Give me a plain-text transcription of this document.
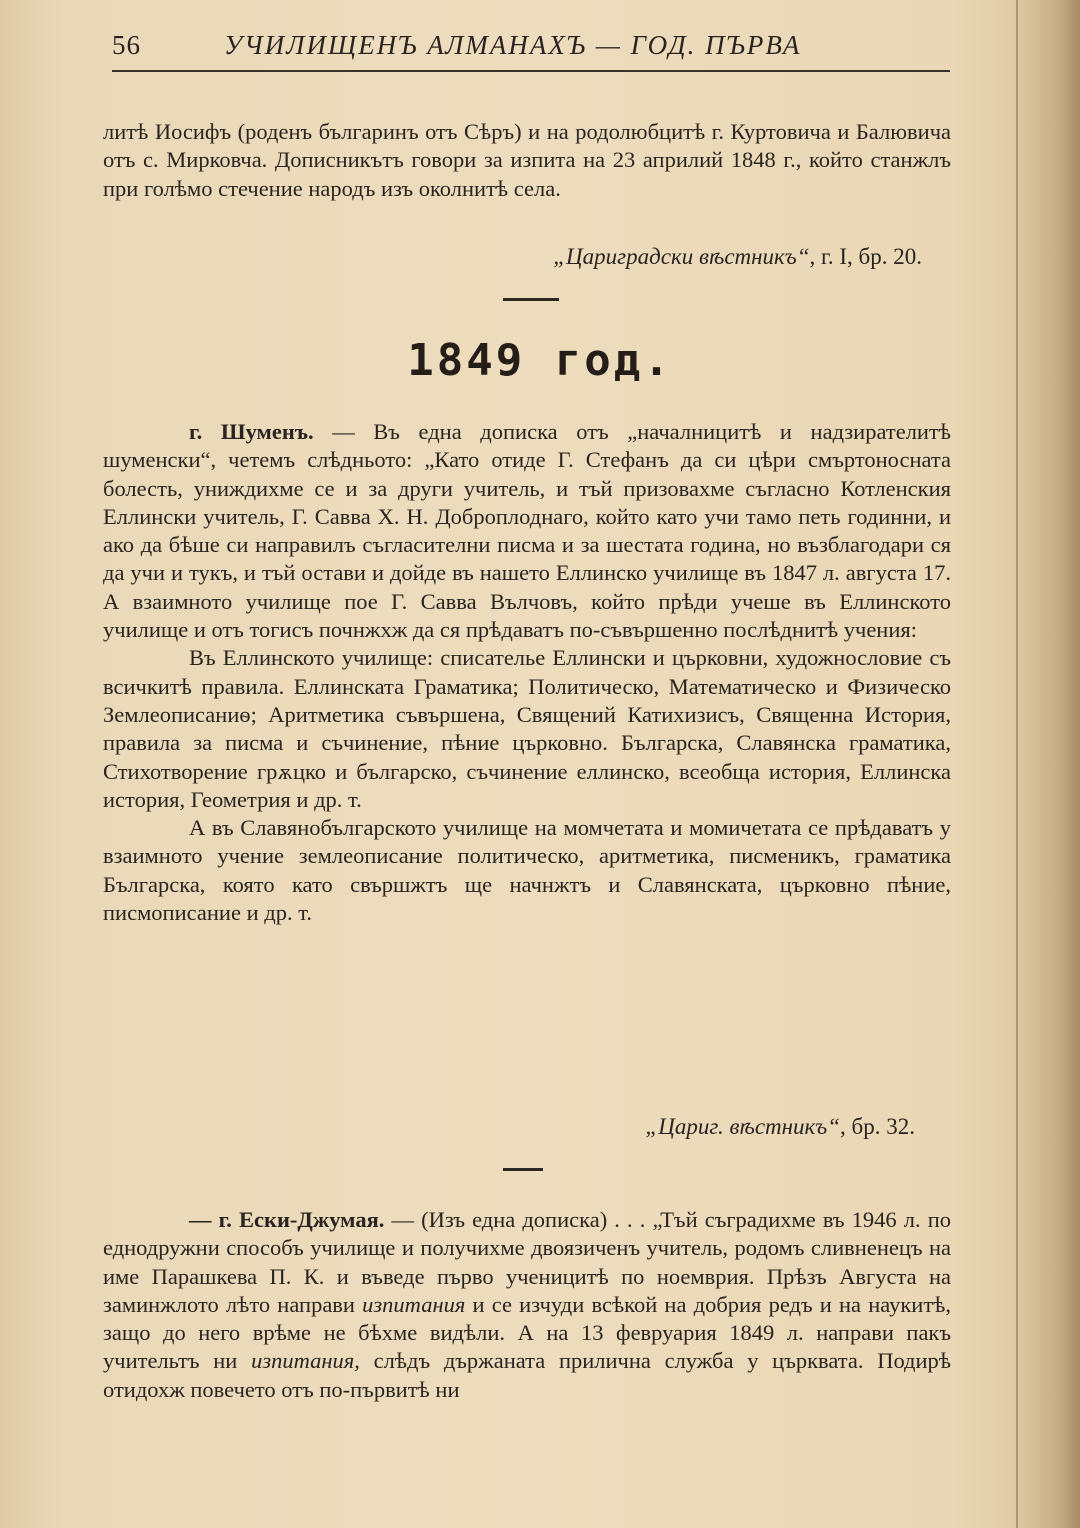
56	УЧИЛИЩЕНЪ АЛМАНАХЪ — ГОД. ПЪРВА

литѣ Иосифъ (роденъ българинъ отъ Сѣръ) и на родолюбцитѣ г. Куртовича и Балювича отъ с. Мирковча. Дописникътъ говори за изпита на 23 априлий 1848 г., който станжлъ при голѣмо стечение народъ изъ околнитѣ села.

„Цариградски вѣстникъ“, г. I, бр. 20.
1849 год.

г. Шуменъ. — Въ една дописка отъ „началницитѣ и надзирателитѣ шуменски“, четемъ слѣдньото: „Като отиде Г. Стефанъ да си цѣри смъртоносната болесть, униждихме се и за други учитель, и тъй призовахме съгласно Котленския Еллински учитель, Г. Савва Х. Н. Доброплоднаго, който като учи тамо петь годинни, и ако да бѣше си направилъ съгласителни писма и за шестата година, но възблагодари ся да учи и тукъ, и тъй остави и дойде въ нашето Еллинско училище въ 1847 л. августа 17. А взаимното училище пое Г. Савва Вълчовъ, който прѣди учеше въ Еллинското училище и отъ тогисъ почнжхж да ся прѣдаватъ по-съвършенно послѣднитѣ учения:

Въ Еллинското училище: списателье Еллински и църковни, художнословие съ всичкитѣ правила. Еллинската Граматика; Политическо, Математическо и Физическо Землеописаниѳ; Аритметика съвършена, Священий Катихизисъ, Священна История, правила за писма и съчинение, пѣние църковно. Българска, Славянска граматика, Стихотворение грѫцко и българско, съчинение еллинско, всеобща история, Еллинска история, Геометрия и др. т.

А въ Славянобългарското училище на момчетата и момичетата се прѣдаватъ у взаимното учение землеописание политическо, аритметика, писменикъ, граматика Българска, която като свършжтъ ще начнжтъ и Славянската, църковно пѣние, писмописание и др. т.

„Цариг. вѣстникъ“, бр. 32.

— г. Ески-Джумая. — (Изъ една дописка) . . . „Тъй съградихме въ 1946 л. по еднодружни способъ училище и получихме двоязиченъ учитель, родомъ сливненецъ на име Парашкева П. К. и въведе първо ученицитѣ по ноемврия. Прѣзъ Августа на заминжлото лѣто направи изпитания и се изчуди всѣкой на добрия редъ и на наукитѣ, защо до него врѣме не бѣхме видѣли. А на 13 февруария 1849 л. направи пакъ учительтъ ни изпитания, слѣдъ държаната прилична служба у църквата. Подирѣ отидохж повечето отъ по-първитѣ ни
